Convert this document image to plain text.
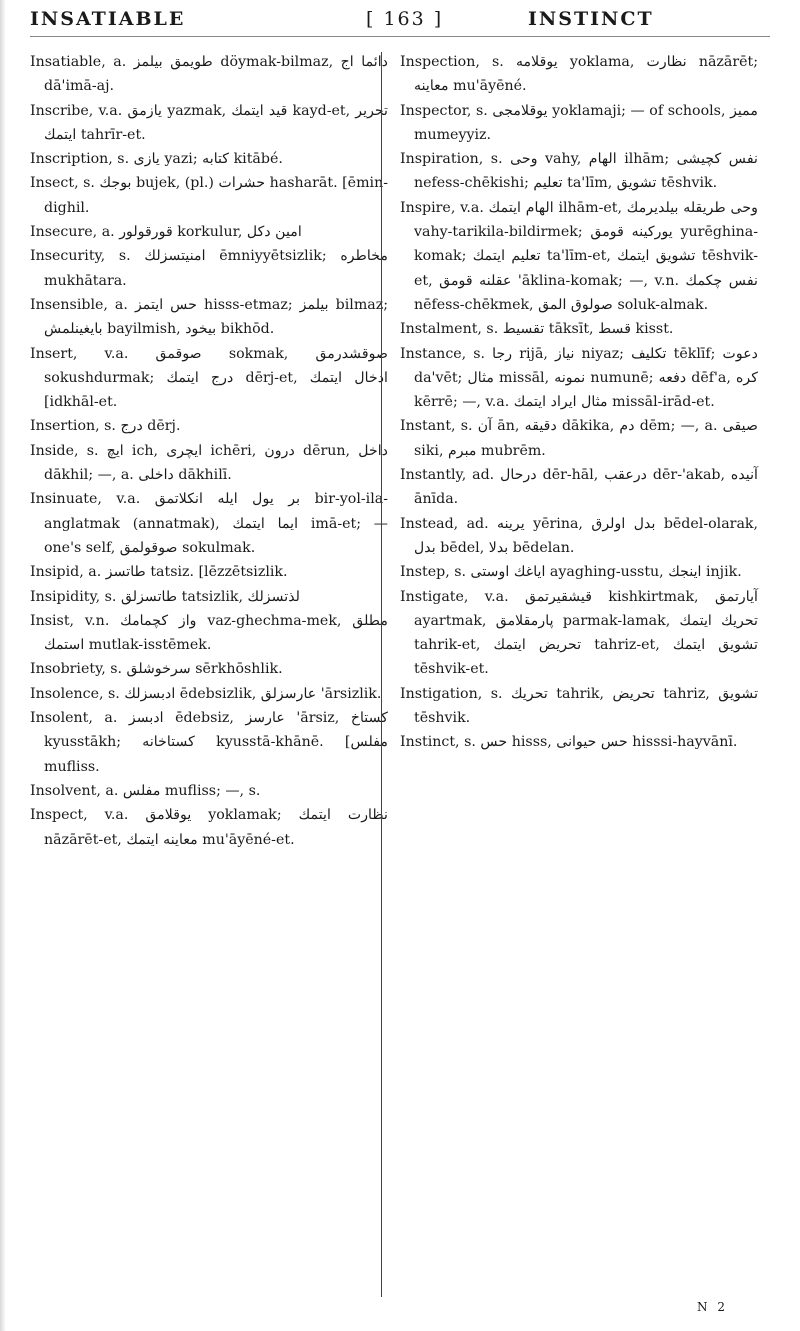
INSATIABLE	[ 163 ]	INSTINCT

Insatiable, a. طويمق بيلمز döymak-bilmaz, دائما اج dā'imā-aj.

Inscribe, v.a. يازمق yazmak, قيد ايتمك kayd-et, تحرير ايتمك tahrīr-et.

Inscription, s. يازى yazi; كتابه kitābé.

Insect, s. بوجك bujek, (pl.) حشرات hasharāt. [ēmin-dighil.

Insecure, a. قورقولور korkulur, امين دكل

Insecurity, s. امنيتسزلك ēmniyyētsizlik; مخاطره mukhātara.

Insensible, a. حس ايتمز hisss-etmaz; بيلمز bilmaz; بايغينلمش bayilmish, بيخود bikhōd.

Insert, v.a. صوقمق sokmak, صوقشدرمق sokushdurmak; درج ايتمك dērj-et, ادخال ايتمك [idkhāl-et.

Insertion, s. درج dērj.

Inside, s. ايچ ich, ايچرى ichēri, درون dērun, داخل dākhil; —, a. داخلى dākhilī.

Insinuate, v.a. بر يول ايله انكلاتمق bir-yol-ila-anglatmak (annatmak), ايما ايتمك imā-et; — one's self, صوقولمق sokulmak.

Insipid, a. طاتسز tatsiz. [lēzzētsizlik.

Insipidity, s. طاتسزلق tatsizlik, لذتسزلك

Insist, v.n. واز كچمامك vaz-ghechma-mek, مطلق استمك mutlak-isstēmek.

Insobriety, s. سرخوشلق sērkhōshlik.

Insolence, s. ادبسزلك ēdebsizlik, عارسزلق 'ārsizlik.

Insolent, a. ادبسز ēdebsiz, عارسز 'ārsiz, كستاخ kyusstākh; كستاخانه kyusstā-khānē. [مفلس mufliss.

Insolvent, a. مفلس mufliss; —, s.

Inspect, v.a. يوقلامق yoklamak; نظارت ايتمك nāzārēt-et, معاينه ايتمك mu'āyēné-et.

Inspection, s. يوقلامه yoklama, نظارت nāzārēt; معاينه mu'āyēné.

Inspector, s. يوقلامجى yoklamaji; — of schools, مميز mumeyyiz.

Inspiration, s. وحى vahy, الهام ilhām; نفس كچيشى nefess-chēkishi; تعليم ta'līm, تشويق tēshvik.

Inspire, v.a. الهام ايتمك ilhām-et, وحى طريقله بيلديرمك vahy-tarikila-bildirmek; يوركينه قومق yurēghina-komak; تعليم ايتمك ta'līm-et, تشويق ايتمك tēshvik-et, عقلنه قومق 'āklina-komak; —, v.n. نفس چكمك nēfess-chēkmek, صولوق المق soluk-almak.

Instalment, s. تقسيط tāksīt, قسط kisst.

Instance, s. رجا rijā, نياز niyaz; تكليف tēklīf; دعوت da'vēt; مثال missāl, نمونه numunē; دفعه dēf'a, كره kērrē; —, v.a. مثال ايراد ايتمك missāl-irād-et.

Instant, s. آن ān, دقيقه dākika, دم dēm; —, a. صيقى siki, مبرم mubrēm.

Instantly, ad. درحال dēr-hāl, درعقب dēr-'akab, آنيده ānīda.

Instead, ad. يرينه yērina, بدل اولرق bēdel-olarak, بدل bēdel, بدلا bēdelan.

Instep, s. اياغك اوستى ayaghing-usstu, اينجك injik.

Instigate, v.a. قيشقيرتمق kishkirtmak, آيارتمق ayartmak, پارمقلامق parmak-lamak, تحريك ايتمك tahrik-et, تحريض ايتمك tahriz-et, تشويق ايتمك tēshvik-et.

Instigation, s. تحريك tahrik, تحريض tahriz, تشويق tēshvik.

Instinct, s. حس hisss, حس حيوانى hisssi-hayvānī.

N 2
